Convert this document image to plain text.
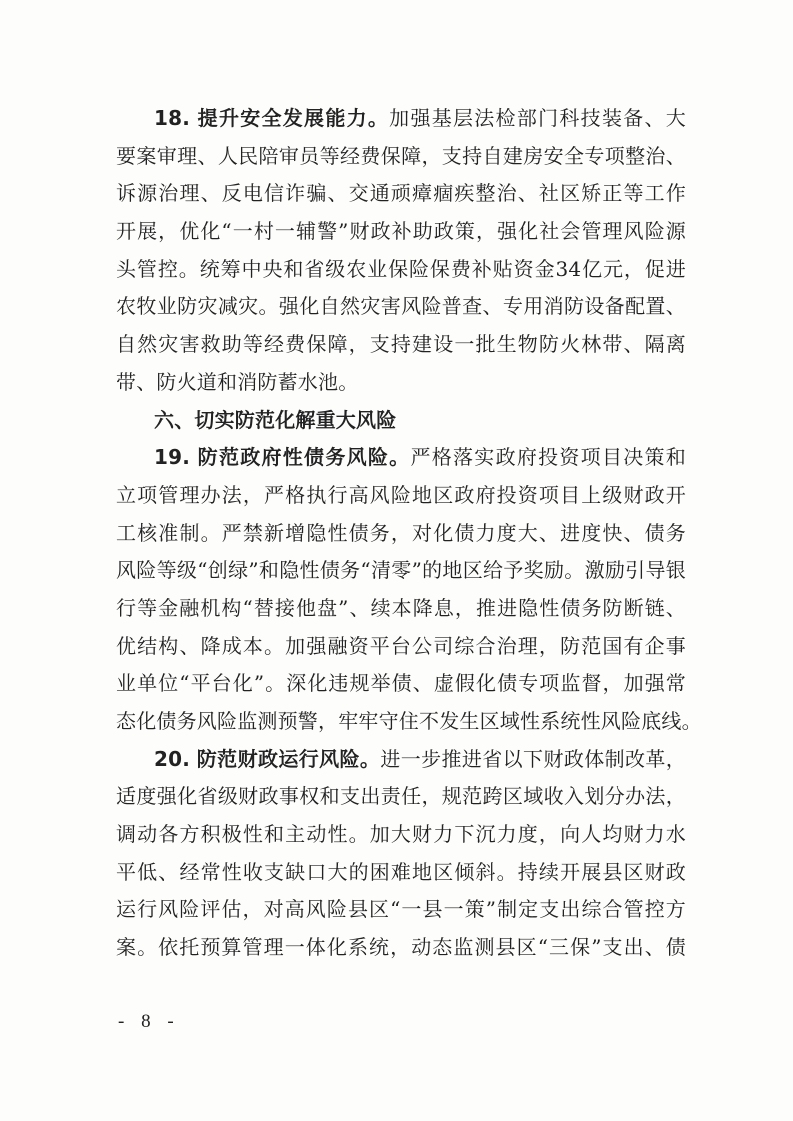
18. 提升安全发展能力。加强基层法检部门科技装备、大
要案审理、人民陪审员等经费保障，支持自建房安全专项整治、
诉源治理、反电信诈骗、交通顽瘴痼疾整治、社区矫正等工作
开展，优化“一村一辅警”财政补助政策，强化社会管理风险源
头管控。统筹中央和省级农业保险保费补贴资金34亿元，促进
农牧业防灾减灾。强化自然灾害风险普查、专用消防设备配置、
自然灾害救助等经费保障，支持建设一批生物防火林带、隔离
带、防火道和消防蓄水池。
六、切实防范化解重大风险
19. 防范政府性债务风险。严格落实政府投资项目决策和
立项管理办法，严格执行高风险地区政府投资项目上级财政开
工核准制。严禁新增隐性债务，对化债力度大、进度快、债务
风险等级“创绿”和隐性债务“清零”的地区给予奖励。激励引导银
行等金融机构“替接他盘”、续本降息，推进隐性债务防断链、
优结构、降成本。加强融资平台公司综合治理，防范国有企事
业单位“平台化”。深化违规举债、虚假化债专项监督，加强常
态化债务风险监测预警，牢牢守住不发生区域性系统性风险底线。
20. 防范财政运行风险。进一步推进省以下财政体制改革，
适度强化省级财政事权和支出责任，规范跨区域收入划分办法，
调动各方积极性和主动性。加大财力下沉力度，向人均财力水
平低、经常性收支缺口大的困难地区倾斜。持续开展县区财政
运行风险评估，对高风险县区“一县一策”制定支出综合管控方
案。依托预算管理一体化系统，动态监测县区“三保”支出、债
- 8 -
